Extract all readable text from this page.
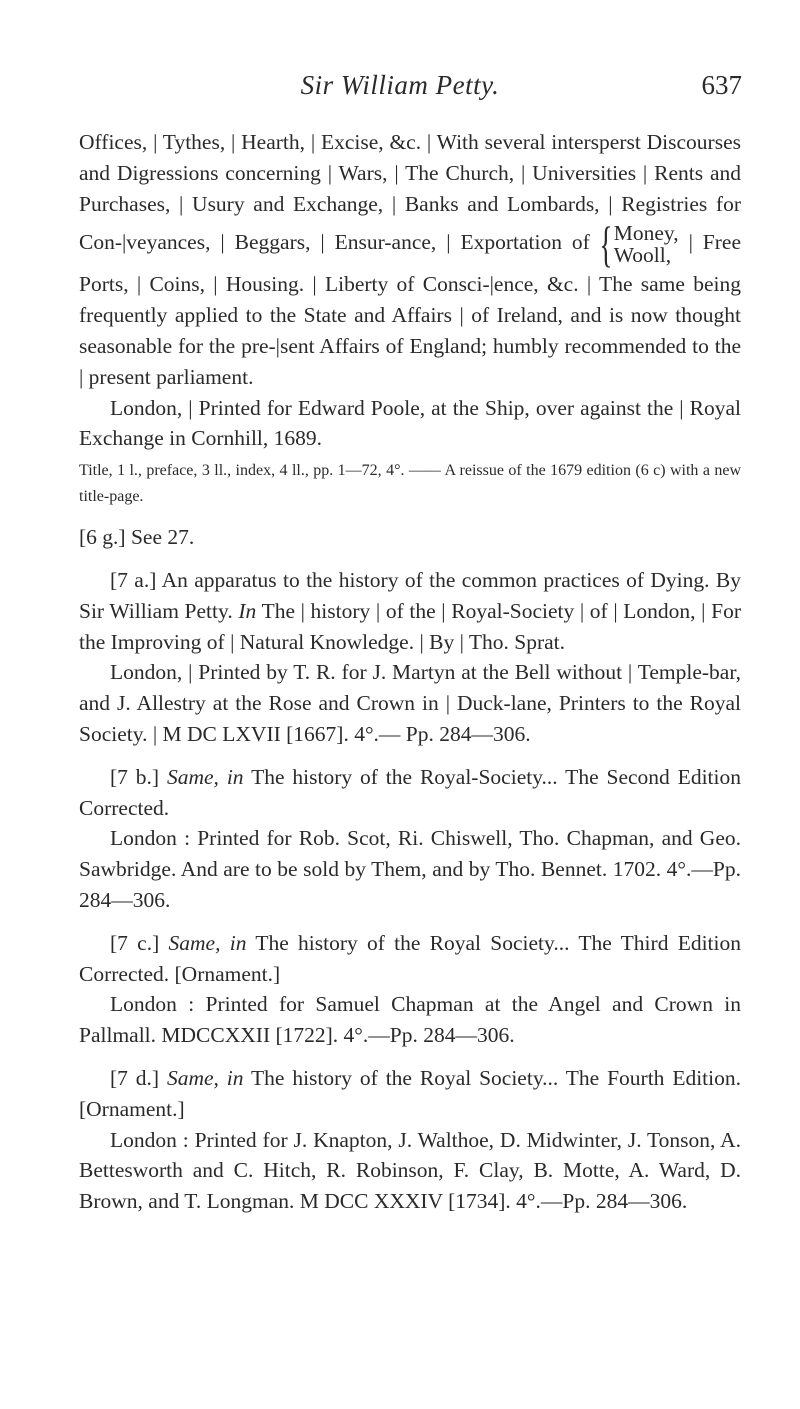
Sir William Petty.	637

Offices, | Tythes, | Hearth, | Excise, &c. | With several intersperst Discourses and Digressions concerning | Wars, | The Church, | Universities | Rents and Purchases, | Usury and Exchange, | Banks and Lombards, | Registries for Con-|veyances, | Beggars, | Ensur-ance, | Exportation of { Money,
Wooll,
| Free Ports, | Coins, | Housing. | Liberty of Consci-|ence, &c. | The same being frequently applied to the State and Affairs | of Ireland, and is now thought seasonable for the pre-|sent Affairs of England; humbly recommended to the | present parliament.

London, | Printed for Edward Poole, at the Ship, over against the | Royal Exchange in Cornhill, 1689.

Title, 1 l., preface, 3 ll., index, 4 ll., pp. 1—72, 4°. —— A reissue of the 1679 edition (6 c) with a new title-page.

[6 g.] See 27.

[7 a.] An apparatus to the history of the common practices of Dying. By Sir William Petty. In The | history | of the | Royal-Society | of | London, | For the Improving of | Natural Knowledge. | By | Tho. Sprat.

London, | Printed by T. R. for J. Martyn at the Bell without | Temple-bar, and J. Allestry at the Rose and Crown in | Duck-lane, Printers to the Royal Society. | M DC LXVII [1667]. 4°.— Pp. 284—306.

[7 b.] Same, in The history of the Royal-Society... The Second Edition Corrected.

London : Printed for Rob. Scot, Ri. Chiswell, Tho. Chapman, and Geo. Sawbridge. And are to be sold by Them, and by Tho. Bennet. 1702. 4°.—Pp. 284—306.

[7 c.] Same, in The history of the Royal Society... The Third Edition Corrected. [Ornament.]

London : Printed for Samuel Chapman at the Angel and Crown in Pallmall. MDCCXXII [1722]. 4°.—Pp. 284—306.

[7 d.] Same, in The history of the Royal Society... The Fourth Edition. [Ornament.]

London : Printed for J. Knapton, J. Walthoe, D. Midwinter, J. Tonson, A. Bettesworth and C. Hitch, R. Robinson, F. Clay, B. Motte, A. Ward, D. Brown, and T. Longman. M DCC XXXIV [1734]. 4°.—Pp. 284—306.
